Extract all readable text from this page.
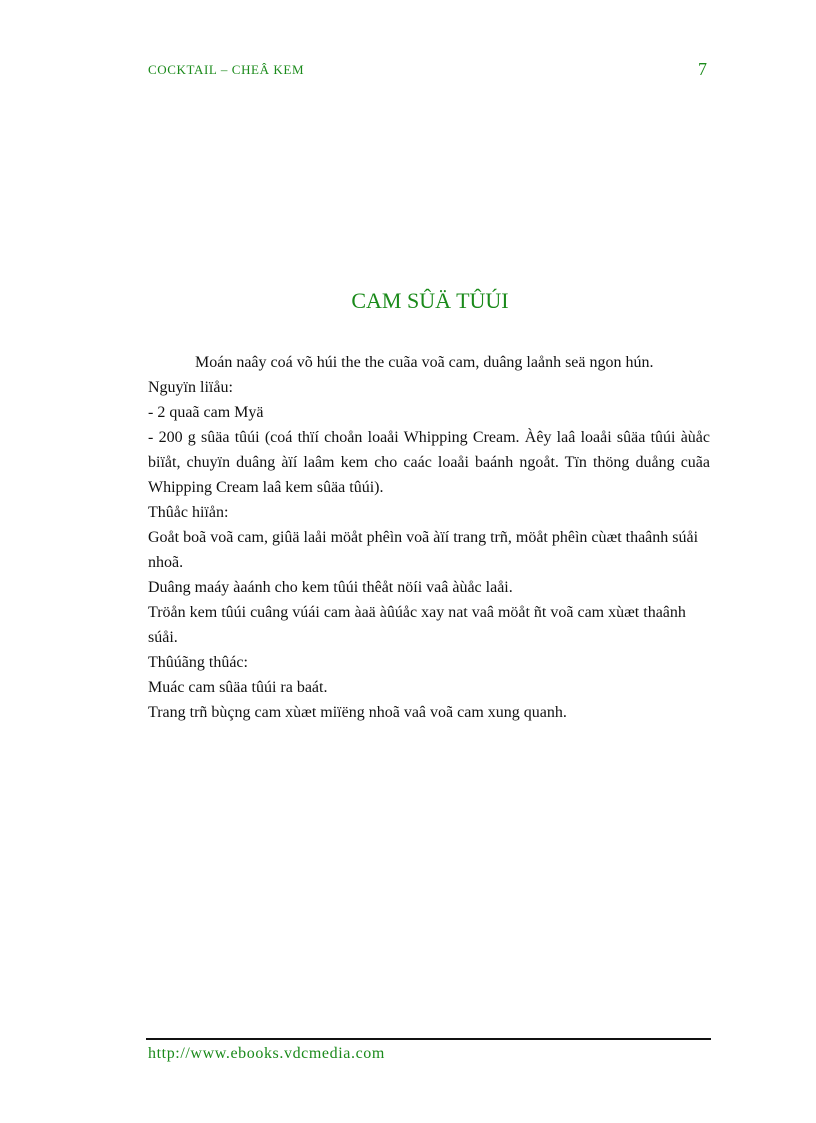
COCKTAIL – CHEÂ KEM	7
CAM SÛÄ TÛÚI

Moán naây coá võ húi the the cuãa voã cam, duâng laånh seä ngon hún.

Nguyïn liïåu:

- 2 quaã cam Myä

- 200 g sûäa tûúi (coá thïí choån loaåi Whipping Cream. Àêy laâ loaåi sûäa tûúi àùåc biïåt, chuyïn duâng àïí laâm kem cho caác loaåi baánh ngoåt. Tïn thöng duång cuãa Whipping Cream laâ kem sûäa tûúi).

Thûåc hiïån:

Goåt boã voã cam, giûä laåi möåt phêìn voã àïí trang trñ, möåt phêìn cùæt thaânh súåi nhoã.

Duâng maáy àaánh cho kem tûúi thêåt nöíi vaâ àùåc laåi.

Tröån kem tûúi cuâng vúái cam àaä àûúåc xay nat vaâ möåt ñt voã cam xùæt thaânh súåi.

Thûúãng thûác:

Muác cam sûäa tûúi ra baát.

Trang trñ bùçng cam xùæt miïëng nhoã vaâ voã cam xung quanh.

http://www.ebooks.vdcmedia.com
